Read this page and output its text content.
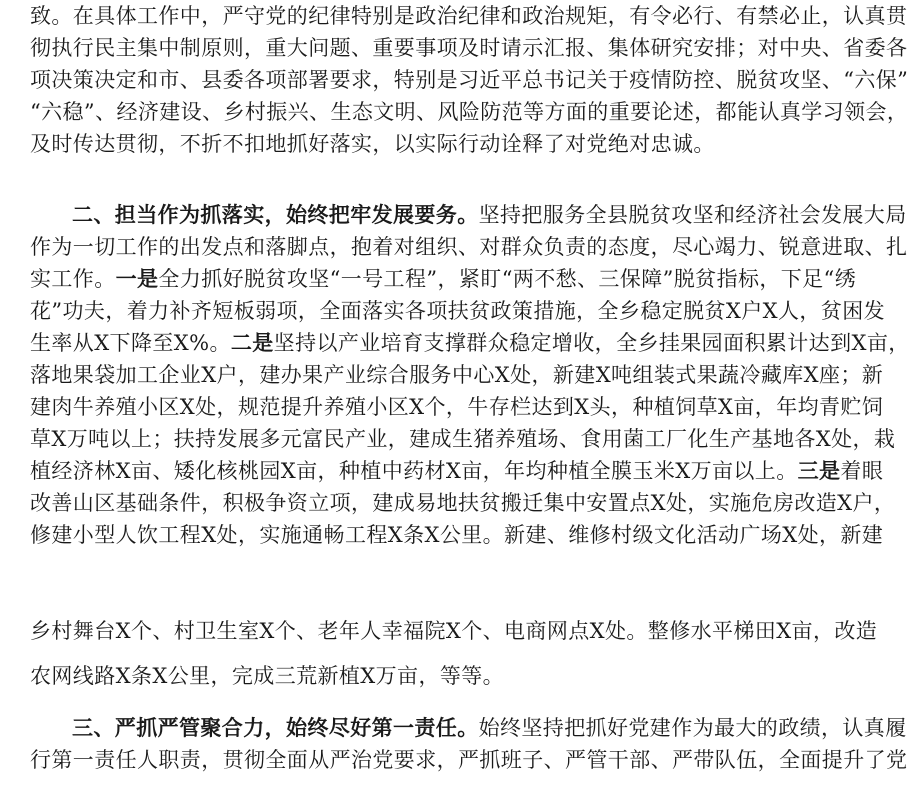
致。在具体工作中，严守党的纪律特别是政治纪律和政治规矩，有令必行、有禁必止，认真贯
彻执行民主集中制原则，重大问题、重要事项及时请示汇报、集体研究安排；对中央、省委各
项决策决定和市、县委各项部署要求，特别是习近平总书记关于疫情防控、脱贫攻坚、“六保”
“六稳”、经济建设、乡村振兴、生态文明、风险防范等方面的重要论述，都能认真学习领会，
及时传达贯彻，不折不扣地抓好落实，以实际行动诠释了对党绝对忠诚。
二、担当作为抓落实，始终把牢发展要务。坚持把服务全县脱贫攻坚和经济社会发展大局
作为一切工作的出发点和落脚点，抱着对组织、对群众负责的态度，尽心竭力、锐意进取、扎
实工作。一是全力抓好脱贫攻坚“一号工程”，紧盯“两不愁、三保障”脱贫指标，下足“绣
花”功夫，着力补齐短板弱项，全面落实各项扶贫政策措施，全乡稳定脱贫X户X人，贫困发
生率从X下降至X%。二是坚持以产业培育支撑群众稳定增收，全乡挂果园面积累计达到X亩，
落地果袋加工企业X户，建办果产业综合服务中心X处，新建X吨组装式果蔬冷藏库X座；新
建肉牛养殖小区X处，规范提升养殖小区X个，牛存栏达到X头，种植饲草X亩，年均青贮饲
草X万吨以上；扶持发展多元富民产业，建成生猪养殖场、食用菌工厂化生产基地各X处，栽
植经济林X亩、矮化核桃园X亩，种植中药材X亩，年均种植全膜玉米X万亩以上。三是着眼
改善山区基础条件，积极争资立项，建成易地扶贫搬迁集中安置点X处，实施危房改造X户，
修建小型人饮工程X处，实施通畅工程X条X公里。新建、维修村级文化活动广场X处，新建
乡村舞台X个、村卫生室X个、老年人幸福院X个、电商网点X处。整修水平梯田X亩，改造
农网线路X条X公里，完成三荒新植X万亩，等等。
三、严抓严管聚合力，始终尽好第一责任。始终坚持把抓好党建作为最大的政绩，认真履
行第一责任人职责，贯彻全面从严治党要求，严抓班子、严管干部、严带队伍，全面提升了党
